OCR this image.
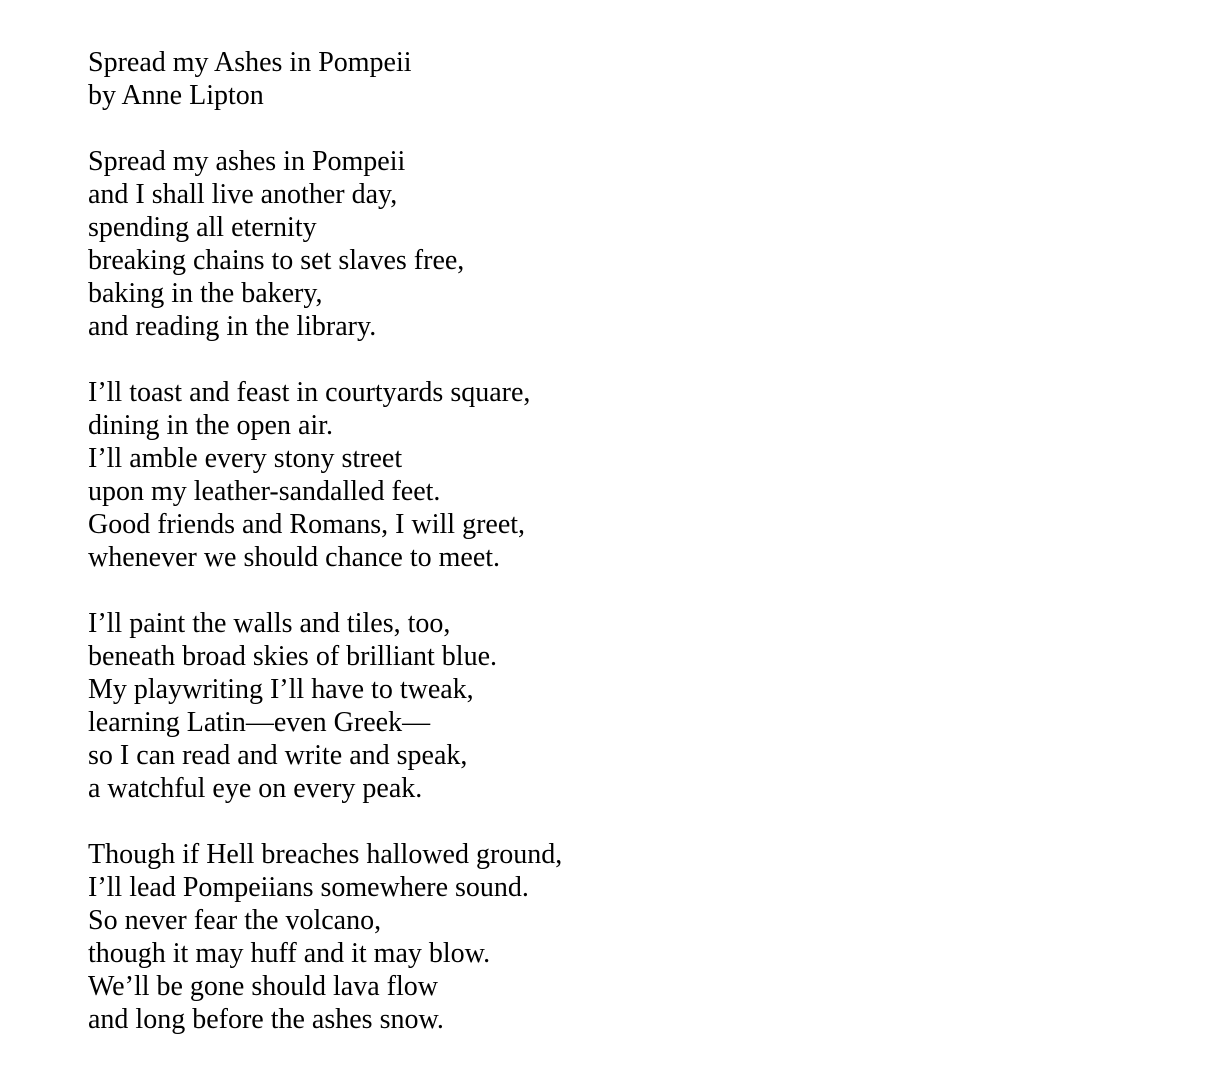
Spread my Ashes in Pompeii
by Anne Lipton
Spread my ashes in Pompeii
and I shall live another day,
spending all eternity
breaking chains to set slaves free,
baking in the bakery,
and reading in the library.
I’ll toast and feast in courtyards square,
dining in the open air.
I’ll amble every stony street
upon my leather-sandalled feet.
Good friends and Romans, I will greet,
whenever we should chance to meet.
I’ll paint the walls and tiles, too,
beneath broad skies of brilliant blue.
My playwriting I’ll have to tweak,
learning Latin—even Greek—
so I can read and write and speak,
a watchful eye on every peak.
Though if Hell breaches hallowed ground,
I’ll lead Pompeiians somewhere sound.
So never fear the volcano,
though it may huff and it may blow.
We’ll be gone should lava flow
and long before the ashes snow.
